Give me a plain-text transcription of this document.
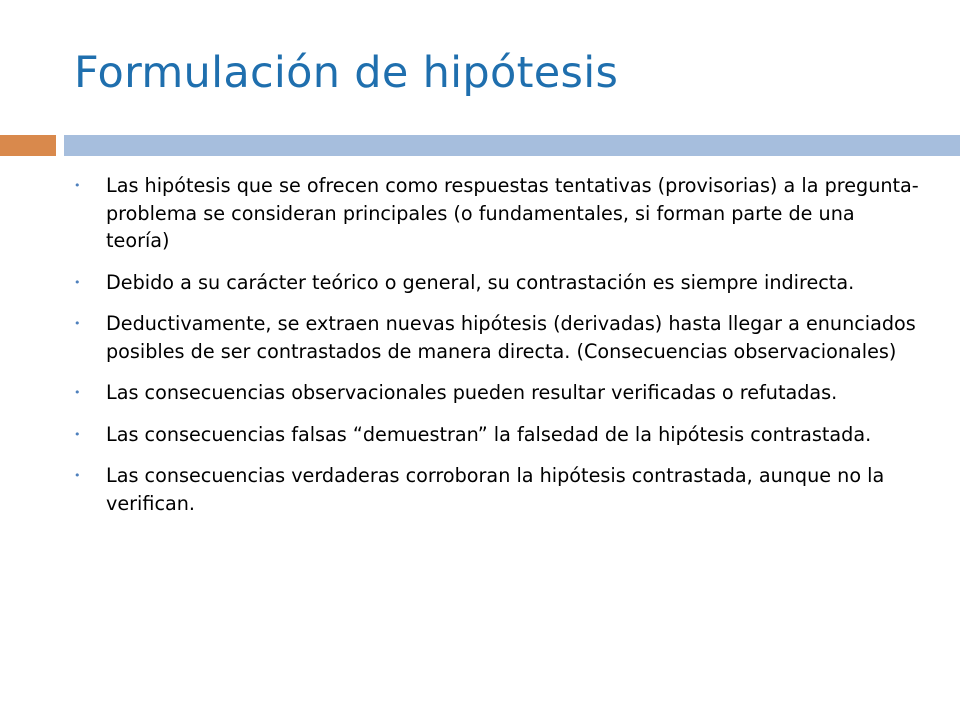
Formulación de hipótesis
• Las hipótesis que se ofrecen como respuestas tentativas (provisorias) a la pregunta-problema se consideran principales (o fundamentales, si forman parte de una teoría)
• Debido a su carácter teórico o general, su contrastación es siempre indirecta.
• Deductivamente, se extraen nuevas hipótesis (derivadas) hasta llegar a enunciados posibles de ser contrastados de manera directa. (Consecuencias observacionales)
• Las consecuencias observacionales pueden resultar verificadas o refutadas.
• Las consecuencias falsas “demuestran” la falsedad de la hipótesis contrastada.
• Las consecuencias verdaderas corroboran la hipótesis contrastada, aunque no la verifican.
